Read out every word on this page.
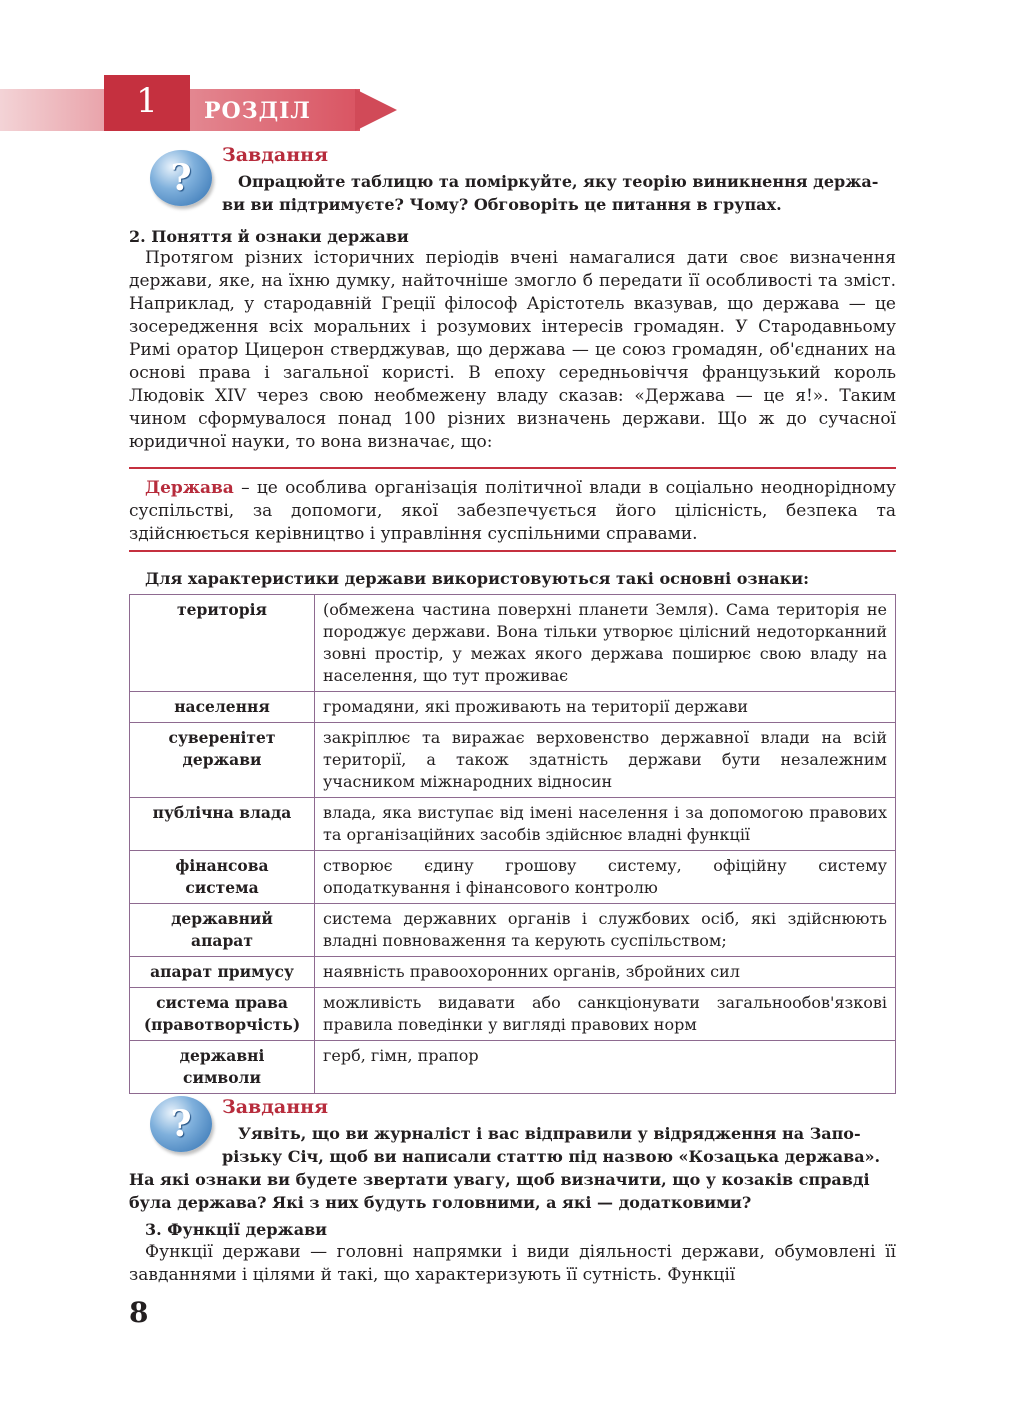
1	РОЗДІЛ
?
Завдання
Опрацюйте таблицю та поміркуйте, яку теорію виникнення держа-
ви ви підтримуєте? Чому? Обговоріть це питання в групах.
2. Поняття й ознаки держави
Протягом різних історичних періодів вчені намагалися дати своє визначення держави, яке, на їхню думку, найточніше змогло б передати її особливості та зміст. Наприклад, у стародавній Греції філософ Арістотель вказував, що держава — це зосередження всіх моральних і розумових інтересів громадян. У Стародавньому Римі оратор Цицерон стверджував, що держава — це союз громадян, об'єднаних на основі права і загальної користі. В епоху середньовіччя французький король Людовік XIV через свою необмежену владу сказав: «Держава — це я!». Таким чином сформувалося понад 100 різних визначень держави. Що ж до сучасної юридичної науки, то вона визначає, що:
Держава – це особлива організація політичної влади в соціально неоднорідному суспільстві, за допомоги, якої забезпечується його цілісність, безпека та здійснюється керівництво і управління суспільними справами.
Для характеристики держави використовуються такі основні ознаки:
територія	(обмежена частина поверхні планети Земля). Сама територія не породжує держави. Вона тільки утворює цілісний недоторканний зовні простір, у межах якого держава поширює свою владу на населення, що тут проживає
населення	громадяни, які проживають на території держави
суверенітет держави	закріплює та виражає верховенство державної влади на всій території, а також здатність держави бути незалежним учасником міжнародних відносин
публічна влада	влада, яка виступає від імені населення і за допомогою правових та організаційних засобів здійснює владні функції
фінансова система	створює єдину грошову систему, офіційну систему оподаткування і фінансового контролю
державний апарат	система державних органів і службових осіб, які здійснюють владні повноваження та керують суспільством;
апарат примусу	наявність правоохоронних органів, збройних сил
система права (правотворчість)	можливість видавати або санкціонувати загальнообов'язкові правила поведінки у вигляді правових норм
державні символи	герб, гімн, прапор
?	Завдання
Уявіть, що ви журналіст і вас відправили у відрядження на Запо-
різьку Січ, щоб ви написали статтю під назвою «Козацька держава».
На які ознаки ви будете звертати увагу, щоб визначити, що у козаків справді
була держава? Які з них будуть головними, а які — додатковими?
3. Функції держави
Функції держави — головні напрямки і види діяльності держави, обумовлені її завданнями і цілями й такі, що характеризують її сутність. Функції
8
